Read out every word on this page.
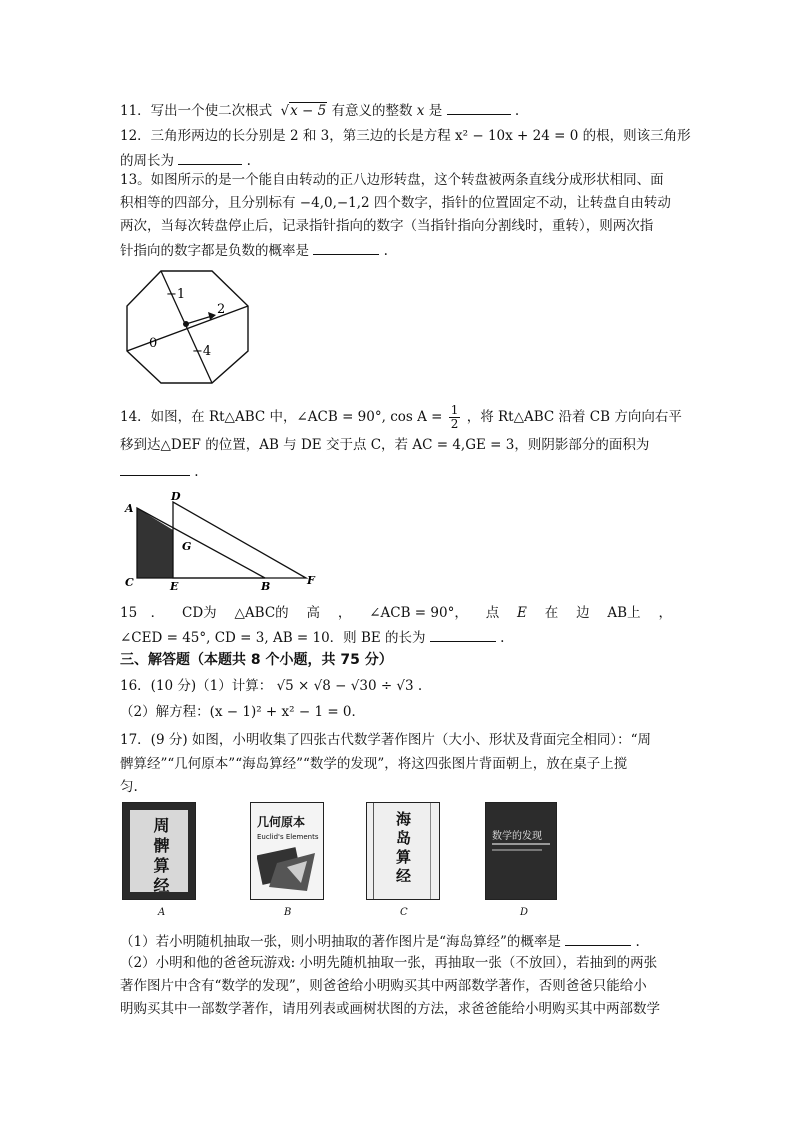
11．写出一个使二次根式 √x − 5 有意义的整数 x 是	.
12．三角形两边的长分别是 2 和 3，第三边的长是方程 x² − 10x + 24 = 0 的根，则该三角形
的周长为	.
13。如图所示的是一个能自由转动的正八边形转盘，这个转盘被两条直线分成形状相同、面
积相等的四部分，且分别标有 −4,0,−1,2 四个数字，指针的位置固定不动，让转盘自由转动
两次，当每次转盘停止后，记录指针指向的数字（当指针指向分割线时，重转），则两次指
针指向的数字都是负数的概率是	.
−1
2
0
−4
14．如图，在 Rt△ABC 中，∠ACB = 90°, $\cos A = \frac{1}{2}$ ，将 Rt△ABC 沿着 CB 方向向右平
移到达△DEF 的位置，AB 与 DE 交于点 C，若 AC = 4,GE = 3，则阴影部分的面积为
.
A
D
G
C	E	B	F
15　． CD为 △ABC的 高 ， ∠ACB = 90°， 点 E 在 边 AB上 ，
∠CED = 45°, CD = 3, AB = 10．则 BE 的长为	.
三、解答题（本题共 8 个小题，共 75 分）
16．(10 分)（1）计算： √5 × √8 − √30 ÷ √3 .
（2）解方程：(x − 1)² + x² − 1 = 0．
17．(9 分) 如图，小明收集了四张古代数学著作图片（大小、形状及背面完全相同）：“周
髀算经”“几何原本”“海岛算经”“数学的发现”，将这四张图片背面朝上，放在桌子上搅
匀.
周髀算经
A
几何原本
Euclid's Elements
B
海岛算经
C
数学的发现
D
（1）若小明随机抽取一张，则小明抽取的著作图片是“海岛算经”的概率是	.
（2）小明和他的爸爸玩游戏: 小明先随机抽取一张，再抽取一张（不放回），若抽到的两张
著作图片中含有“数学的发现”，则爸爸给小明购买其中两部数学著作，否则爸爸只能给小
明购买其中一部数学著作，请用列表或画树状图的方法，求爸爸能给小明购买其中两部数学
